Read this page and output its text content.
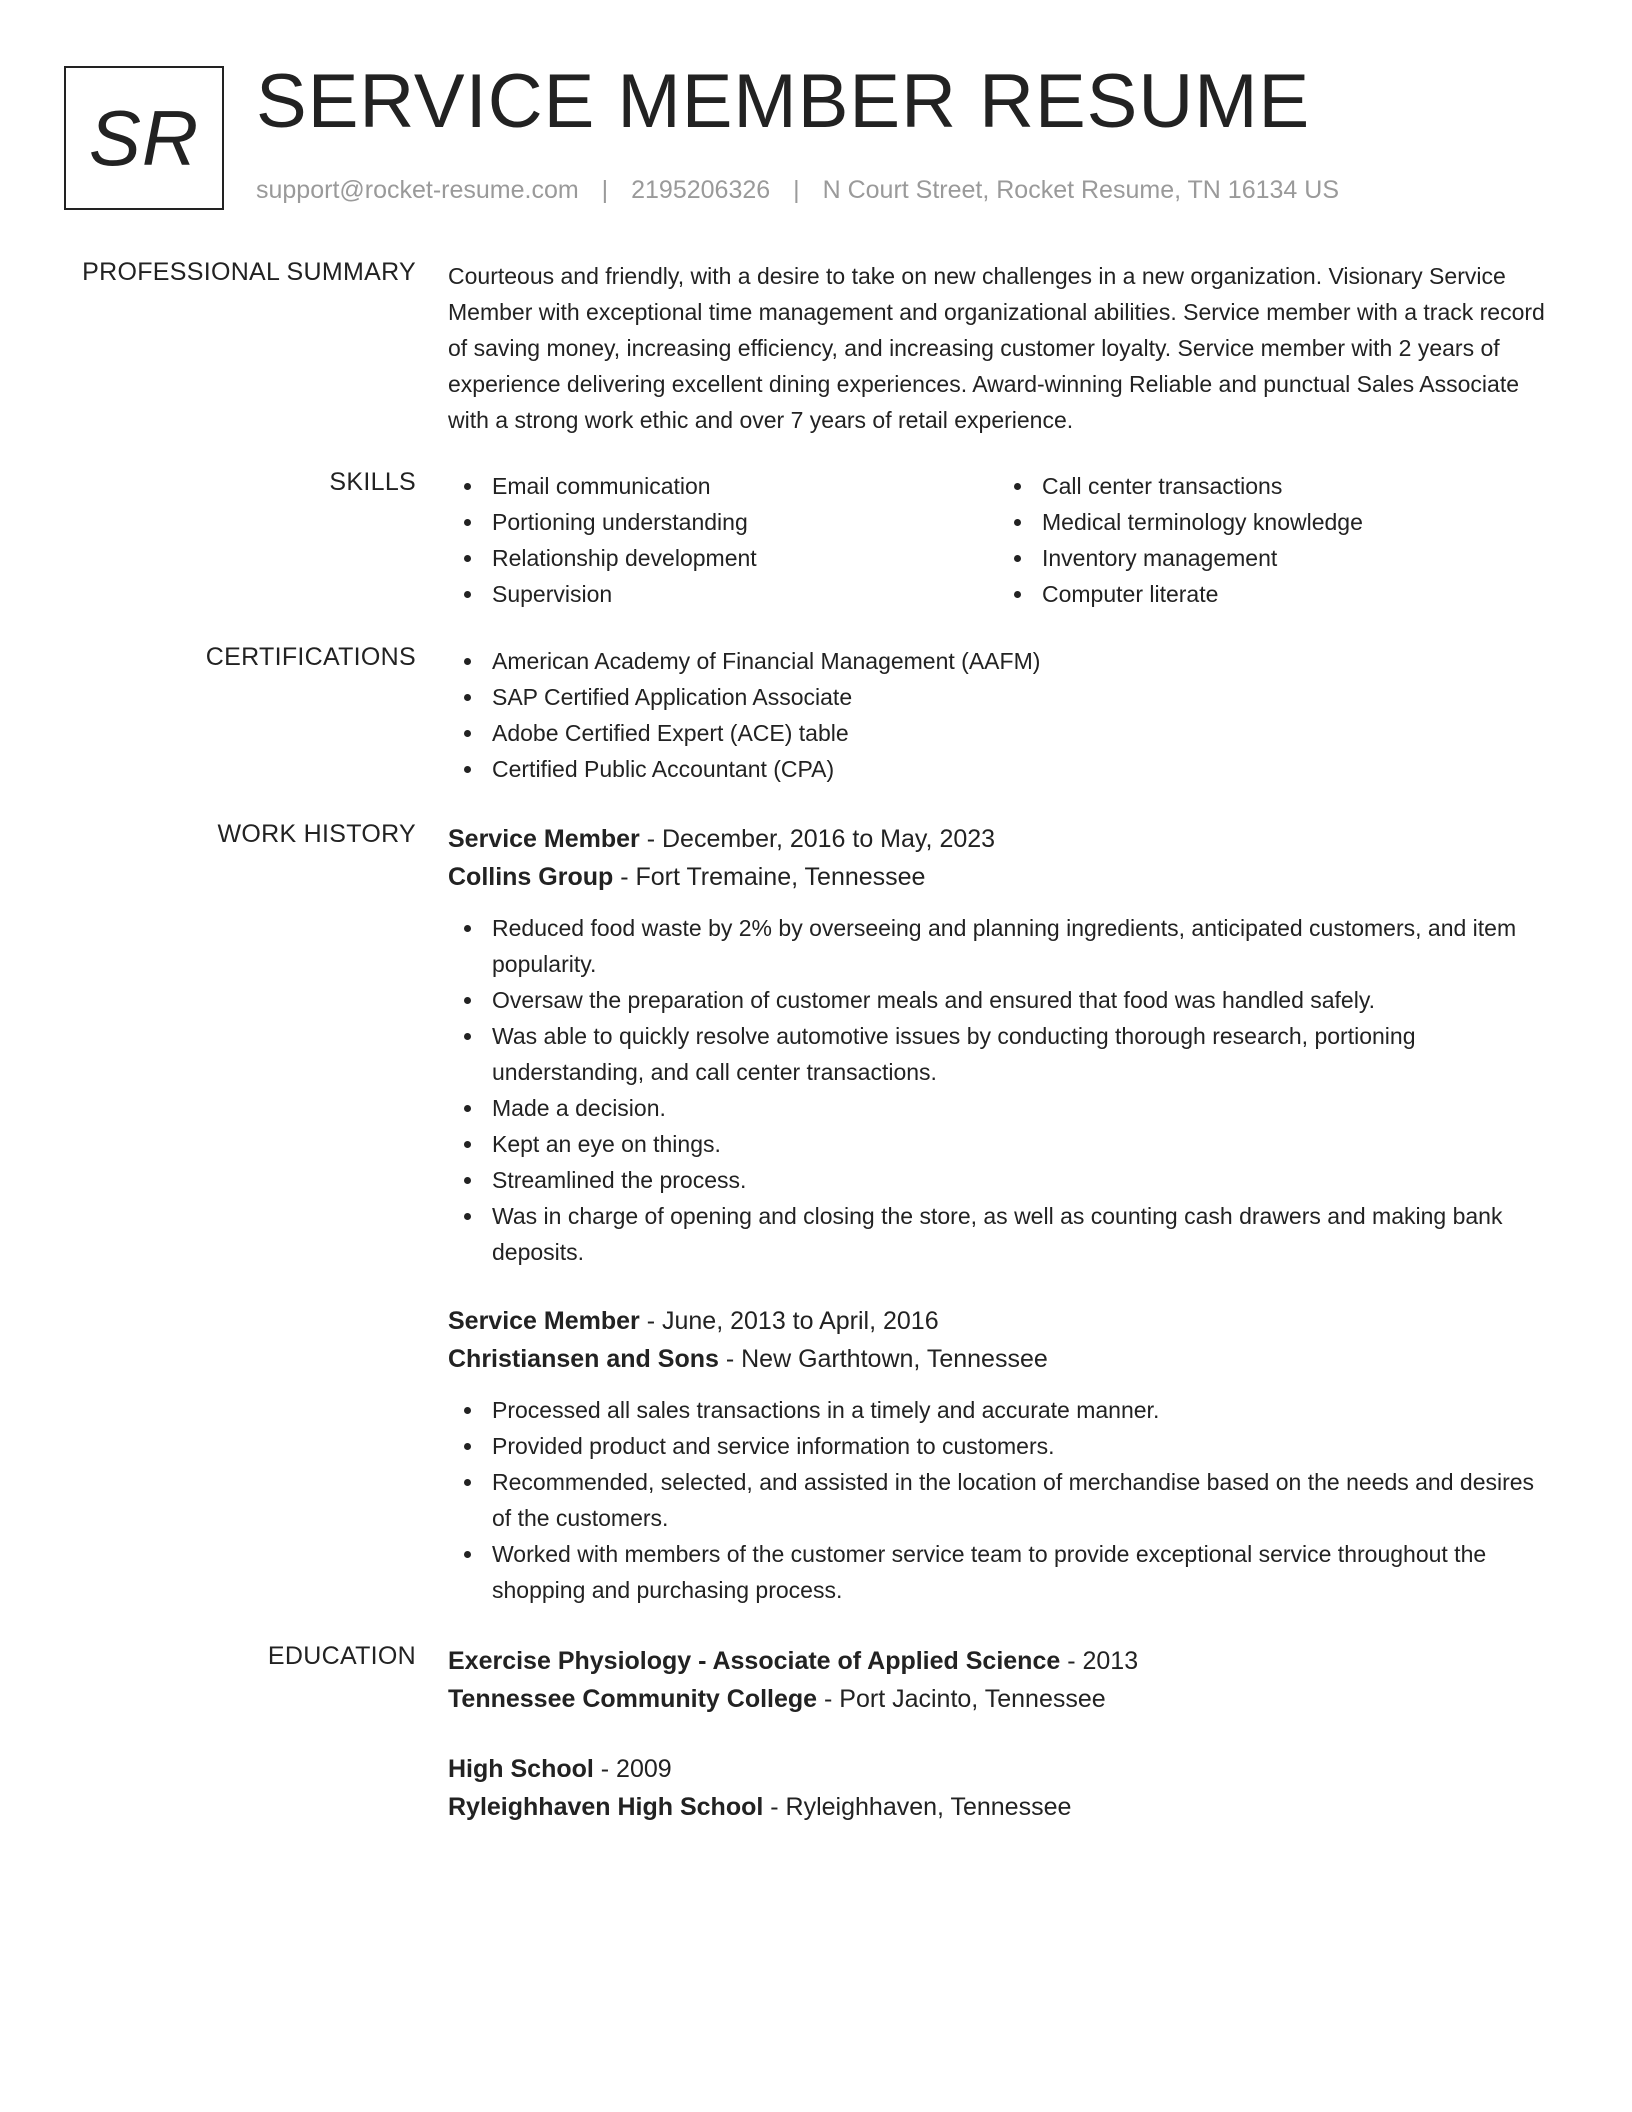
SR SERVICE MEMBER RESUME
support@rocket-resume.com | 2195206326 | N Court Street, Rocket Resume, TN 16134 US
PROFESSIONAL SUMMARY Courteous and friendly, with a desire to take on new challenges in a new organization. Visionary Service Member with exceptional time management and organizational abilities. Service member with a track record of saving money, increasing efficiency, and increasing customer loyalty. Service member with 2 years of experience delivering excellent dining experiences. Award-winning Reliable and punctual Sales Associate with a strong work ethic and over 7 years of retail experience.
SKILLS	Email communication
Portioning understanding
Relationship development
Supervision
Call center transactions
Medical terminology knowledge
Inventory management
Computer literate
CERTIFICATIONS	American Academy of Financial Management (AAFM)
SAP Certified Application Associate
Adobe Certified Expert (ACE) table
Certified Public Accountant (CPA)
WORK HISTORY Service Member - December, 2016 to May, 2023
Collins Group - Fort Tremaine, Tennessee
Reduced food waste by 2% by overseeing and planning ingredients, anticipated customers, and item popularity.
Oversaw the preparation of customer meals and ensured that food was handled safely.
Was able to quickly resolve automotive issues by conducting thorough research, portioning understanding, and call center transactions.
Made a decision.
Kept an eye on things.
Streamlined the process.
Was in charge of opening and closing the store, as well as counting cash drawers and making bank deposits.
Service Member - June, 2013 to April, 2016
Christiansen and Sons - New Garthtown, Tennessee
Processed all sales transactions in a timely and accurate manner.
Provided product and service information to customers.
Recommended, selected, and assisted in the location of merchandise based on the needs and desires of the customers.
Worked with members of the customer service team to provide exceptional service throughout the shopping and purchasing process.
EDUCATION Exercise Physiology - Associate of Applied Science - 2013
Tennessee Community College - Port Jacinto, Tennessee
High School - 2009
Ryleighhaven High School - Ryleighhaven, Tennessee
